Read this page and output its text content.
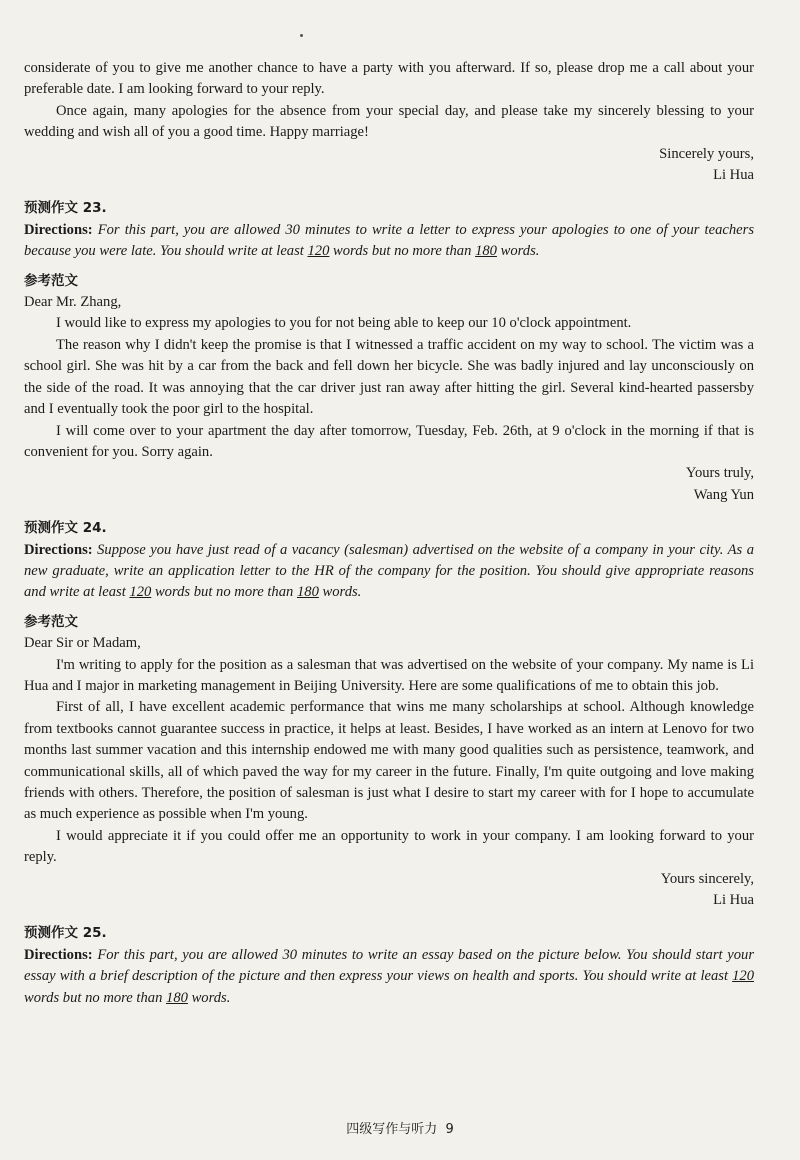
considerate of you to give me another chance to have a party with you afterward. If so, please drop me a call about your preferable date. I am looking forward to your reply.

Once again, many apologies for the absence from your special day, and please take my sincerely blessing to your wedding and wish all of you a good time. Happy marriage!

Sincerely yours,

Li Hua

预测作文 23.

Directions: For this part, you are allowed 30 minutes to write a letter to express your apologies to one of your teachers because you were late. You should write at least 120 words but no more than 180 words.

参考范文

Dear Mr. Zhang,

I would like to express my apologies to you for not being able to keep our 10 o'clock appointment.

The reason why I didn't keep the promise is that I witnessed a traffic accident on my way to school. The victim was a school girl. She was hit by a car from the back and fell down her bicycle. She was badly injured and lay unconsciously on the side of the road. It was annoying that the car driver just ran away after hitting the girl. Several kind-hearted passersby and I eventually took the poor girl to the hospital.

I will come over to your apartment the day after tomorrow, Tuesday, Feb. 26th, at 9 o'clock in the morning if that is convenient for you. Sorry again.

Yours truly,

Wang Yun

预测作文 24.

Directions: Suppose you have just read of a vacancy (salesman) advertised on the website of a company in your city. As a new graduate, write an application letter to the HR of the company for the position. You should give appropriate reasons and write at least 120 words but no more than 180 words.

参考范文

Dear Sir or Madam,

I'm writing to apply for the position as a salesman that was advertised on the website of your company. My name is Li Hua and I major in marketing management in Beijing University. Here are some qualifications of me to obtain this job.

First of all, I have excellent academic performance that wins me many scholarships at school. Although knowledge from textbooks cannot guarantee success in practice, it helps at least. Besides, I have worked as an intern at Lenovo for two months last summer vacation and this internship endowed me with many good qualities such as persistence, teamwork, and communicational skills, all of which paved the way for my career in the future. Finally, I'm quite outgoing and love making friends with others. Therefore, the position of salesman is just what I desire to start my career with for I hope to accumulate as much experience as possible when I'm young.

I would appreciate it if you could offer me an opportunity to work in your company. I am looking forward to your reply.

Yours sincerely,

Li Hua

预测作文 25.

Directions: For this part, you are allowed 30 minutes to write an essay based on the picture below. You should start your essay with a brief description of the picture and then express your views on health and sports. You should write at least 120 words but no more than 180 words.

四级写作与听力 9
